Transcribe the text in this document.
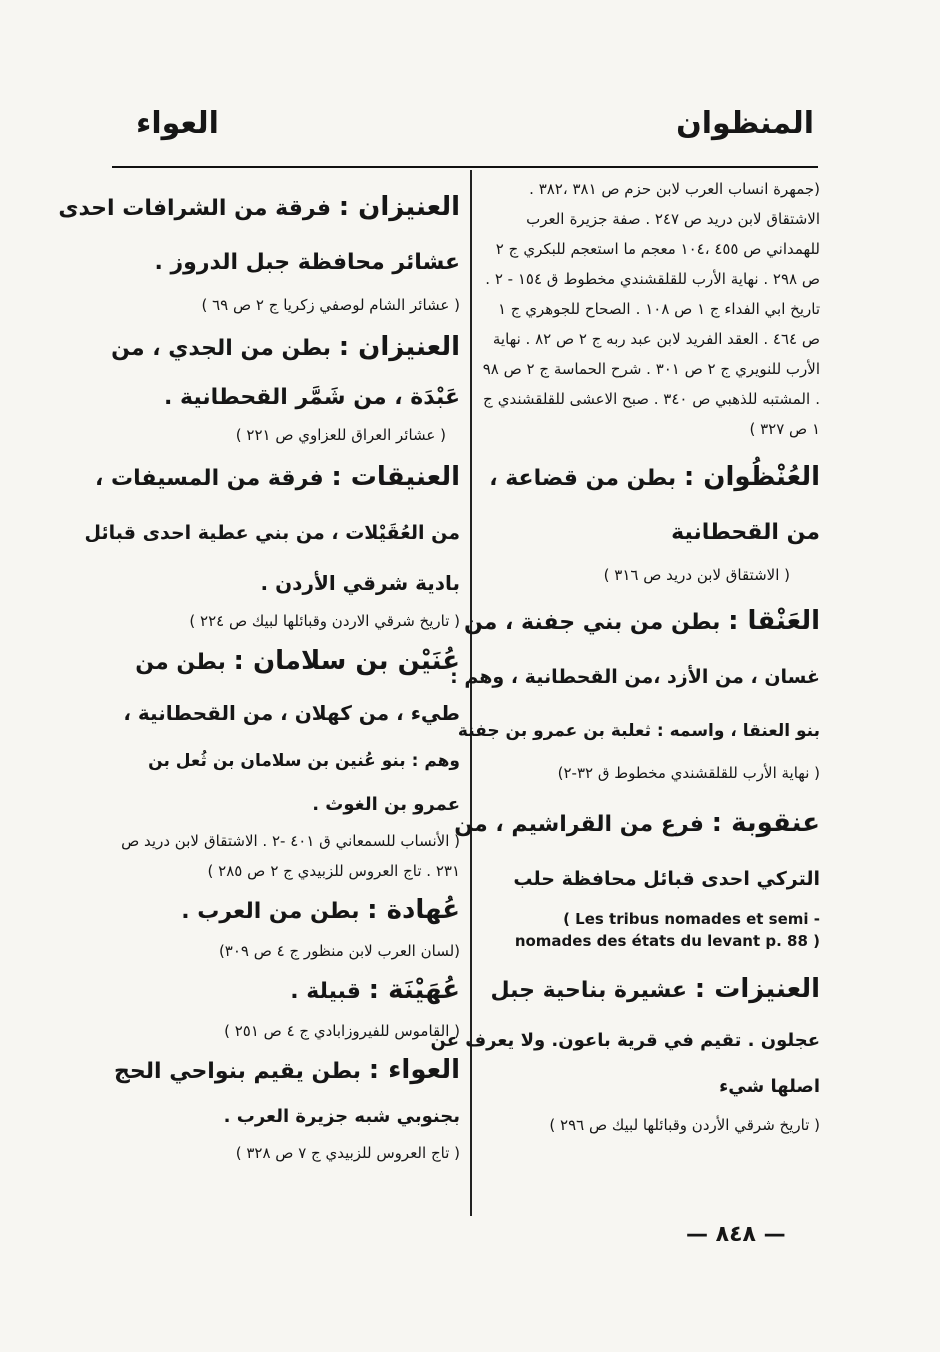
المنظوان
العواء
(جمهرة انساب العرب لابن حزم ص ٣٨١ ،٣٨٢ . الاشتقاق لابن دريد ص ٢٤٧ . صفة جزيرة العرب للهمداني ص ٤٥٥ ،١٠٤ معجم ما استعجم للبكري ج ٢ ص ٢٩٨ . نهاية الأرب للقلقشندي مخطوط ق ١٥٤ - ٢ . تاريخ ابي الفداء ج ١ ص ١٠٨ . الصحاح للجوهري ج ١ ص ٤٦٤ . العقد الفريد لابن عبد ربه ج ٢ ص ٨٢ . نهاية الأرب للنويري ج ٢ ص ٣٠١ . شرح الحماسة ج ٢ ص ٩٨ . المشتبه للذهبي ص ٣٤٠ . صبح الاعشى للقلقشندي ج ١ ص ٣٢٧ )
العُنْظُوان : بطن من قضاعة ،
من القحطانية
( الاشتقاق لابن دريد ص ٣١٦ )
العَنْقا : بطن من بني جفنة ، من
غسان ، من الأزد ،من القحطانية ، وهم :
بنو العنقا ، واسمه : ثعلبة بن عمرو بن جفنة
( نهاية الأرب للقلقشندي مخطوط ق ٣٢-٢)
عنقوبة : فرع من القراشيم ، من
التركي احدى قبائل محافظة حلب
( Les tribus nomades et semi -
nomades des états du levant p. 88 )
العنيزات : عشيرة بناحية جبل
عجلون . تقيم في قرية باعون. ولا يعرف عن
اصلها شيء
( تاريخ شرقي الأردن وقبائلها لبيك ص ٢٩٦ )
العنيزان : فرقة من الشرافات احدى
عشائر محافظة جبل الدروز .
( عشائر الشام لوصفي زكريا ج ٢ ص ٦٩ )
العنيزان : بطن من الجدي ، من
عَبْدَة ، من شَمَّر القحطانية .
( عشائر العراق للعزاوي ص ٢٢١ )
العنيقات : فرقة من المسيفات ،
من العُقَيْلات ، من بني عطية احدى قبائل
بادية شرقي الأردن .
( تاريخ شرقي الاردن وقبائلها لبيك ص ٢٢٤ )
عُنَيْن بن سلامان : بطن من
طيء ، من كهلان ، من القحطانية ،
وهم : بنو عُنين بن سلامان بن ثُعل بن
عمرو بن الغوث .
( الأنساب للسمعاني ق ٤٠١ -٢ . الاشتقاق لابن دريد ص ٢٣١ . تاج العروس للزبيدي ج ٢ ص ٢٨٥ )
عُهادة : بطن من العرب .
(لسان العرب لابن منظور ج ٤ ص ٣٠٩)
عُهَيْنَة : قبيلة .
( القاموس للفيروزابادي ج ٤ ص ٢٥١ )
العواء : بطن يقيم بنواحي الحج
بجنوبي شبه جزيرة العرب .
( تاج العروس للزبيدي ج ٧ ص ٣٢٨ )
— ٨٤٨ —
